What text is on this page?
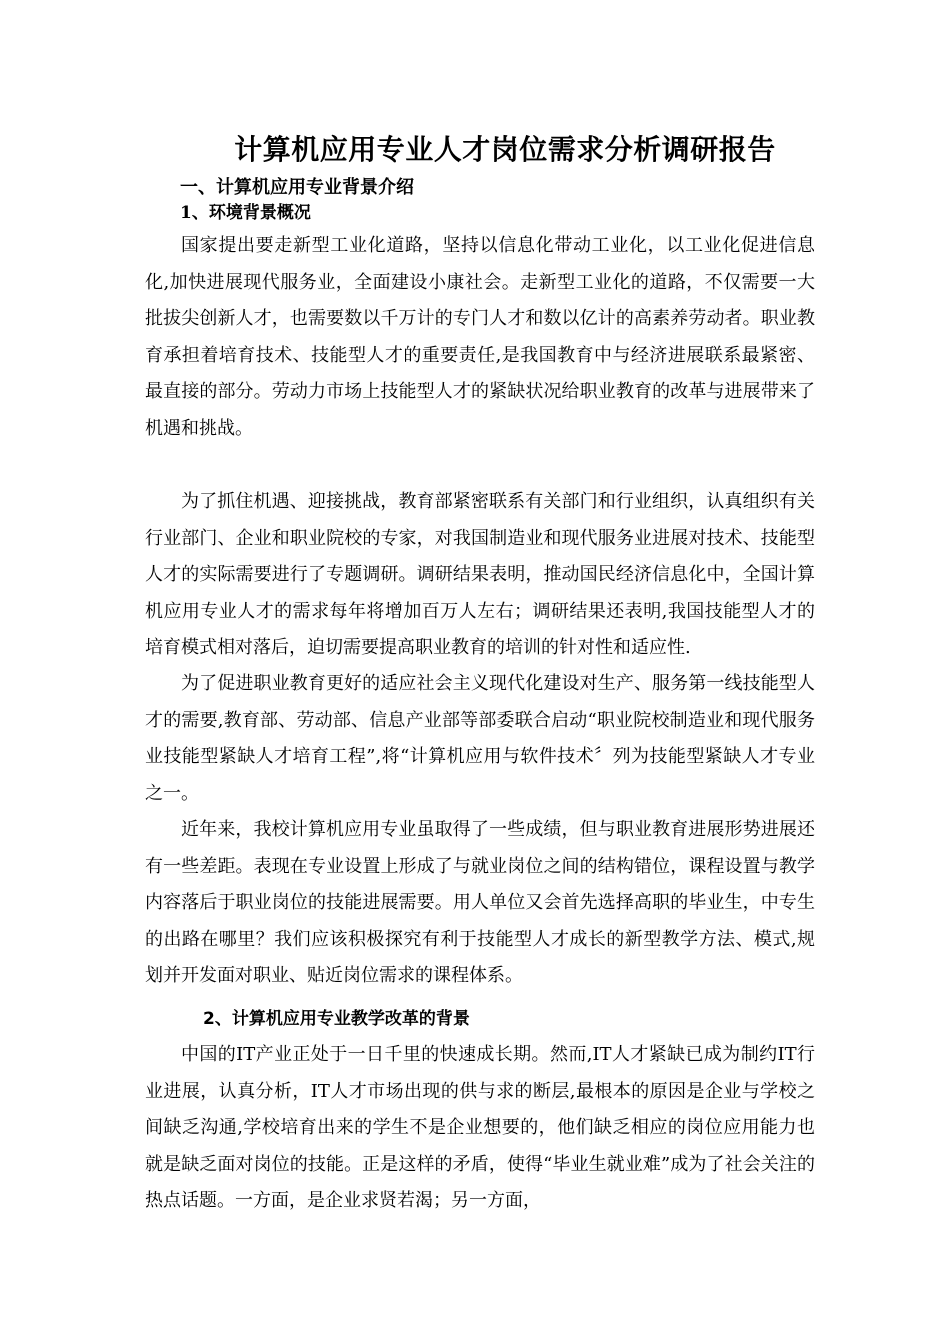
计算机应用专业人才岗位需求分析调研报告
一、计算机应用专业背景介绍
1、环境背景概况

国家提出要走新型工业化道路，坚持以信息化带动工业化，以工业化促进信息化,加快进展现代服务业，全面建设小康社会。走新型工业化的道路，不仅需要一大批拔尖创新人才，也需要数以千万计的专门人才和数以亿计的高素养劳动者。职业教育承担着培育技术、技能型人才的重要责任,是我国教育中与经济进展联系最紧密、最直接的部分。劳动力市场上技能型人才的紧缺状况给职业教育的改革与进展带来了机遇和挑战。

为了抓住机遇、迎接挑战，教育部紧密联系有关部门和行业组织，认真组织有关行业部门、企业和职业院校的专家，对我国制造业和现代服务业进展对技术、技能型人才的实际需要进行了专题调研。调研结果表明，推动国民经济信息化中，全国计算机应用专业人才的需求每年将增加百万人左右；调研结果还表明,我国技能型人才的培育模式相对落后，迫切需要提高职业教育的培训的针对性和适应性.

为了促进职业教育更好的适应社会主义现代化建设对生产、服务第一线技能型人才的需要,教育部、劳动部、信息产业部等部委联合启动“职业院校制造业和现代服务业技能型紧缺人才培育工程”,将“计算机应用与软件技术〞列为技能型紧缺人才专业之一。

近年来，我校计算机应用专业虽取得了一些成绩，但与职业教育进展形势进展还有一些差距。表现在专业设置上形成了与就业岗位之间的结构错位，课程设置与教学内容落后于职业岗位的技能进展需要。用人单位又会首先选择高职的毕业生，中专生的出路在哪里？我们应该积极探究有利于技能型人才成长的新型教学方法、模式,规划并开发面对职业、贴近岗位需求的课程体系。

2、计算机应用专业教学改革的背景

中国的IT产业正处于一日千里的快速成长期。然而,IT人才紧缺已成为制约IT行业进展，认真分析，IT人才市场出现的供与求的断层,最根本的原因是企业与学校之间缺乏沟通,学校培育出来的学生不是企业想要的，他们缺乏相应的岗位应用能力也就是缺乏面对岗位的技能。正是这样的矛盾，使得“毕业生就业难”成为了社会关注的热点话题。一方面，是企业求贤若渴；另一方面，
